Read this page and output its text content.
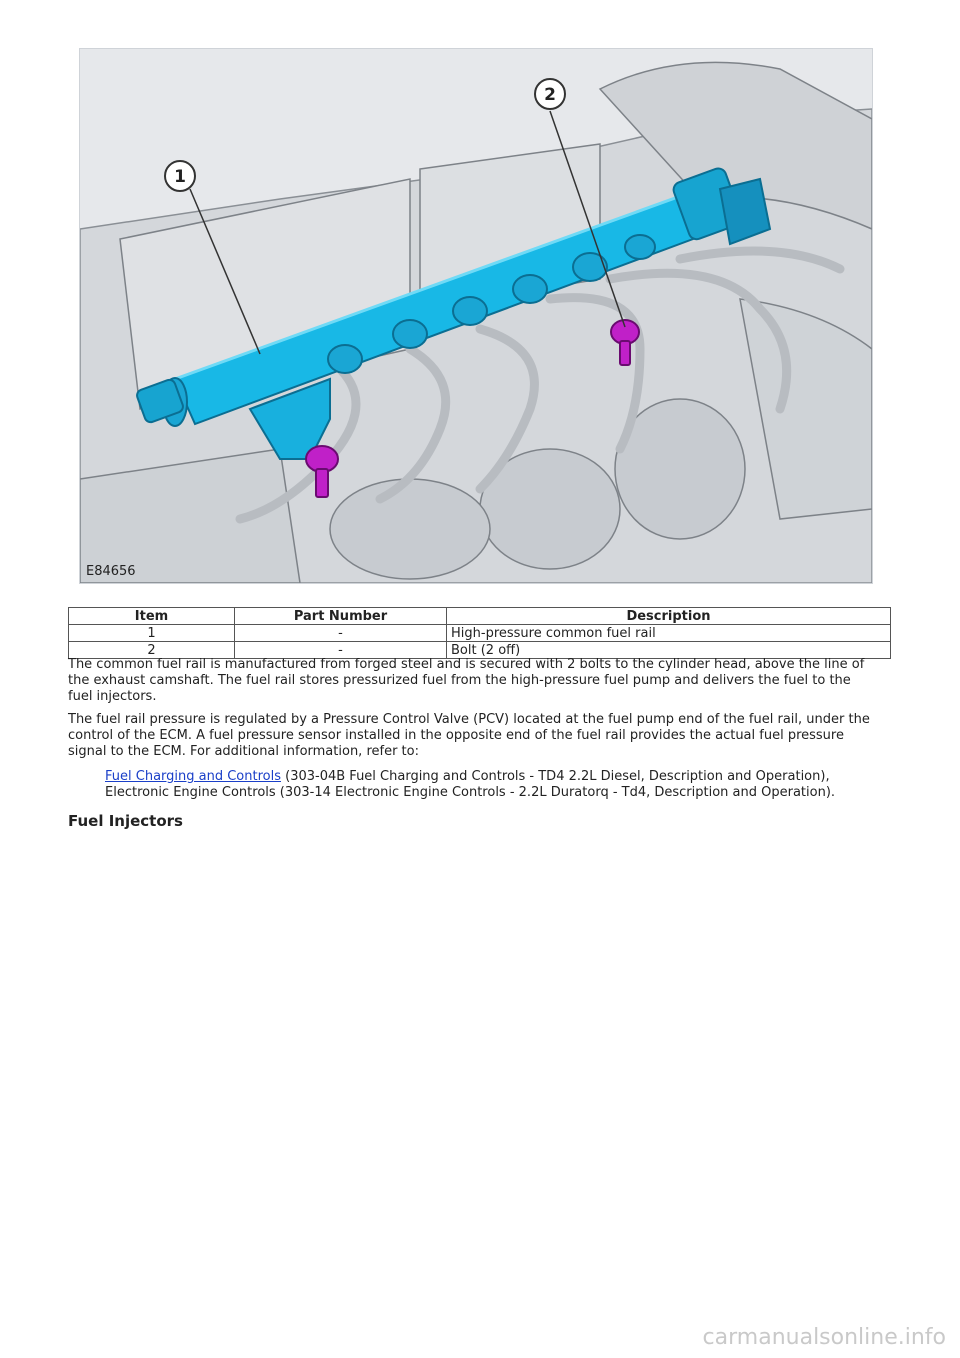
1
2
E84656
Item	Part Number	Description
1	-	High-pressure common fuel rail
2	-	Bolt (2 off)

The common fuel rail is manufactured from forged steel and is secured with 2 bolts to the cylinder head, above the line of the exhaust camshaft. The fuel rail stores pressurized fuel from the high-pressure fuel pump and delivers the fuel to the fuel injectors.

The fuel rail pressure is regulated by a Pressure Control Valve (PCV) located at the fuel pump end of the fuel rail, under the control of the ECM. A fuel pressure sensor installed in the opposite end of the fuel rail provides the actual fuel pressure signal to the ECM. For additional information, refer to:

Fuel Charging and Controls (303-04B Fuel Charging and Controls - TD4 2.2L Diesel, Description and Operation),

Electronic Engine Controls (303-14 Electronic Engine Controls - 2.2L Duratorq - Td4, Description and Operation).

Fuel Injectors
carmanualsonline.info
